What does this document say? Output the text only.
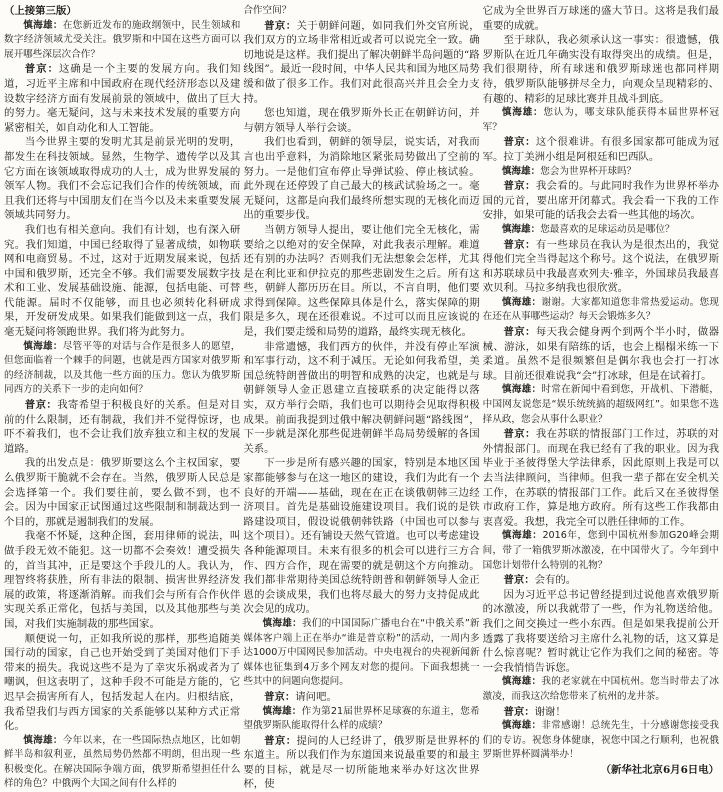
（上接第三版）

慎海雄：在您新近发布的施政纲领中，民生领域和数字经济领域尤受关注。俄罗斯和中国在这些方面可以展开哪些深层次合作？

普京：这确是一个主要的发展方向。我们知道，习近平主席和中国政府在现代经济形态以及建设数字经济方面有发展前景的领域中，做出了巨大的努力。毫无疑问，这与未来技术发展的重要方向紧密相关，如自动化和人工智能。

当今世界主要的发明尤其是前景光明的发明，都发生在科技领域。显然，生物学、遗传学以及其它方面在该领域取得成功的人士，成为世界发展的领军人物。我们不会忘记我们合作的传统领域，而且我们还将与中国朋友们在当今以及未来重要发展领域共同努力。

我们也有相关意向。我们有计划，也有深入研究。我们知道，中国已经取得了显著成绩，如物联网和电商贸易。不过，这对于近期发展来说，包括中国和俄罗斯，还完全不够。我们需要发展数字技术和工业、发展基础设施、能源，包括电能、可替代能源。届时不仅能够，而且也必须转化科研成果，开发研发成果。如果我们能做到这一点，我们毫无疑问将领跑世界。我们将为此努力。

慎海雄：尽管平等的对话与合作是很多人的愿望，但您面临着一个棘手的问题，也就是西方国家对俄罗斯的经济制裁，以及其他一些方面的压力。您认为俄罗斯同西方的关系下一步的走向如何？

普京：我寄希望于积极良好的关系。但是对目前的什么限制，还有制裁，我们并不觉得惊讶，也吓不着我们，也不会让我们放弃独立和主权的发展道路。

我的出发点是：俄罗斯要这么个主权国家，要么俄罗斯干脆就不会存在。当然，俄罗斯人民总是会选择第一个。我们要往前，要么做不到，也不会。因为中国家正试图通过这些限制和制裁达到一个目的，那就是遏制我们的发展。

我毫不怀疑，这种企图，套用律师的说法，叫做手段无效不能犯。这一切都不会奏效！遭受损失的，首当其冲，正是要这个手段儿的人。我认为，理智终将获胜，所有非法的限制、损害世界经济发展的政策，将逐渐消解。而我们会与所有合作伙伴实现关系正常化，包括与美国，以及其他那些与美国，对我们实施制裁的那些国家。

顺便说一句，正如我所说的那样，那些追随美国行动的国家，自己也开始受到了美国对他们下手带来的损失。我说这些不是为了幸灾乐祸或者为了嘲讽，但这表明了，这种手段不可能是方能的，它迟早会损害所有人，包括发起人在内。归根结底，我希望我们与西方国家的关系能够以某种方式正常化。

慎海雄：今年以来，在一些国际热点地区，比如朝鲜半岛和叙利亚，虽然局势仍然都不明朗，但出现一些积极变化。在解决国际争端方面，俄罗斯希望担任什么样的角色？中俄两个大国之间有什么样的

合作空间？

普京：关于朝鲜问题，如同我们外交官所说，我们双方的立场非常相近或者可以说完全一致。确切地说是这样。我们提出了解决朝鲜半岛问题的“路线图”。最近一段时间，中华人民共和国为地区局势缓和做了很多工作。我们对此很高兴并且会全力支持。

您也知道，现在俄罗斯外长正在朝鲜访问，并与朝方领导人举行会谈。

我们也看到，朝鲜的领导层，说实话，对我而言也出乎意料，为消除地区紧张局势做出了空前的努力。一是他们宣布停止导弹试验、停止核试验。此外现在还停毁了自己最大的核武试验场之一。毫无疑问，这都是向我们最终所想实现的无核化而迈出的重要步伐。

当朝方领导人提出，要让他们完全无核化，需要给之以绝对的安全保障，对此我表示理解。难道还有别的办法吗？否则我们无法想象会怎样，尤其是在利比亚和伊拉克的那些悲剧发生之后。所有这些，朝鲜人都历历在目。所以，不言自明，他们要求得到保障。这些保障具体是什么，落实保障的期限是多久，现在还很难说。不过可以而且应该说的是，我们要走缓和局势的道路，最终实现无核化。

非常遗憾，我们西方的伙伴，并没有停止军演和军事行动，这不利于减压。无论如何我希望，美国总统特朗普做出的明智和成熟的决定，也就是与朝鲜领导人金正恩建立直接联系的决定能得以落实，双方举行会晤，我们也可以期待会见取得积极成果。前面我提到过俄中解决朝鲜问题“路线图”，下一步就是深化那些促进朝鲜半岛局势缓解的各国关系。

下一步是所有感兴趣的国家，特别是本地区国家都能够参与在这一地区的建设，我们为此有一个良好的开端——基础，现在在正在谈俄朝韩三边经济项目。首先是基础设施建设项目。我们说的是铁路建设项目，假设说俄朝韩铁路（中国也可以参与这个项目）。还有铺设天然气管道。也可以考虑建设各种能源项目。未来有很多的机会可以进行三方合作、四方合作，现在需要的就是朝这个方向推动。我们都非常期待美国总统特朗普和朝鲜领导人金正恩的会谈成果，我们也将尽最大的努力支持促成此次会见的成功。

慎海雄：我们的中国国际广播电台在“中俄关系”新媒体客户端上正在举办“谁是普京粉”的活动，一周内多达1000万中国网民参加活动。中央电视台的央视新闻新媒体也征集到4万多个网友对您的提问。下面我想挑一些其中的问题向您提问。

普京：请问吧。

慎海雄：作为第21届世界杯足球赛的东道主，您希望俄罗斯队能取得什么样的成绩？

普京：提问的人已经讲了，俄罗斯是世界杯的东道主。所以我们作为东道国来说最重要的和最主要的目标，就是尽一切所能地来举办好这次世界杯，使

它成为全世界百万球迷的盛大节日。这将是我们最重要的成就。

至于球队，我必须承认这一事实：很遗憾，俄罗斯队在近几年确实没有取得突出的成绩。但是，我们很期待，所有球迷和俄罗斯球迷也都同样期待，俄罗斯队能够拼尽全力，向观众呈现精彩的、有趣的、精彩的足球比赛并且战斗到底。

慎海雄：您认为，哪支球队能获得本届世界杯冠军？

普京：这个很难讲。有很多国家都可能成为冠军。拉丁美洲小组是阿根廷和巴西队。

慎海雄：您会为世界杯开球吗？

普京：我会看的。与此同时我作为世界杯举办国的元首，要出席开闭幕式。我会看一下我的工作安排，如果可能的话我会去看一些其他的场次。

慎海雄：您最喜欢的足球运动员是哪位？

普京：有一些球员在我认为是很杰出的，我觉得他们完全当得起这个称号。这个说法，在俄罗斯和苏联球员中我最喜欢列夫·雅辛，外国球员我最喜欢贝利。马拉多纳我也很欣赏。

慎海雄：谢谢。大家都知道您非常热爱运动。您现在还在从事哪些运动？每天会锻炼多久？

普京：每天我会健身两个到两个半小时，做器械、游泳，如果有陪练的话，也会上榻榻米练一下柔道。虽然不是很频繁但是偶尔我也会打一打冰球。目前还很难说我“会”打冰球，但是在试着打。

慎海雄：时常在新闻中看到您，开战机、下潜艇，中国网友说您是“娱乐统统搞的超级网红”。如果您不选择从政，您会从事什么职业？

普京：我在苏联的情报部门工作过，苏联的对外情报部门。而现在我已经有了我的职业。因为我毕业于圣彼得堡大学法律系，因此原则上我是可以去当法律顾问，当律师。但我一辈子都在安全机关工作，在苏联的情报部门工作。此后又在圣彼得堡市政府工作，算是地方政府。所有这些工作我都由衷喜爱。我想，我完全可以胜任律师的工作。

慎海雄：2016年，您到中国杭州参加G20峰会期间，带了一箱俄罗斯冰激凌，在中国带火了。今年到中国您计划带什么特别的礼物？

普京：会有的。

因为习近平总书记曾经提到过说他喜欢俄罗斯的冰激凌，所以我就带了一些，作为礼物送给他。我们之间交换过一些小东西。但是如果我提前公开透露了我将要送给习主席什么礼物的话，这又算是什么惊喜呢？暂时就让它作为我们之间的秘密。等一会我悄悄告诉您。

慎海雄：我的老家就在中国杭州。您当时带去了冰激凌，而我这次给您带来了杭州的龙井茶。

普京：谢谢！

慎海雄：非常感谢！总统先生，十分感谢您接受我们的专访。祝您身体健康，祝您中国之行顺利，也祝俄罗斯世界杯圆满举办！

（新华社北京6月6日电）
